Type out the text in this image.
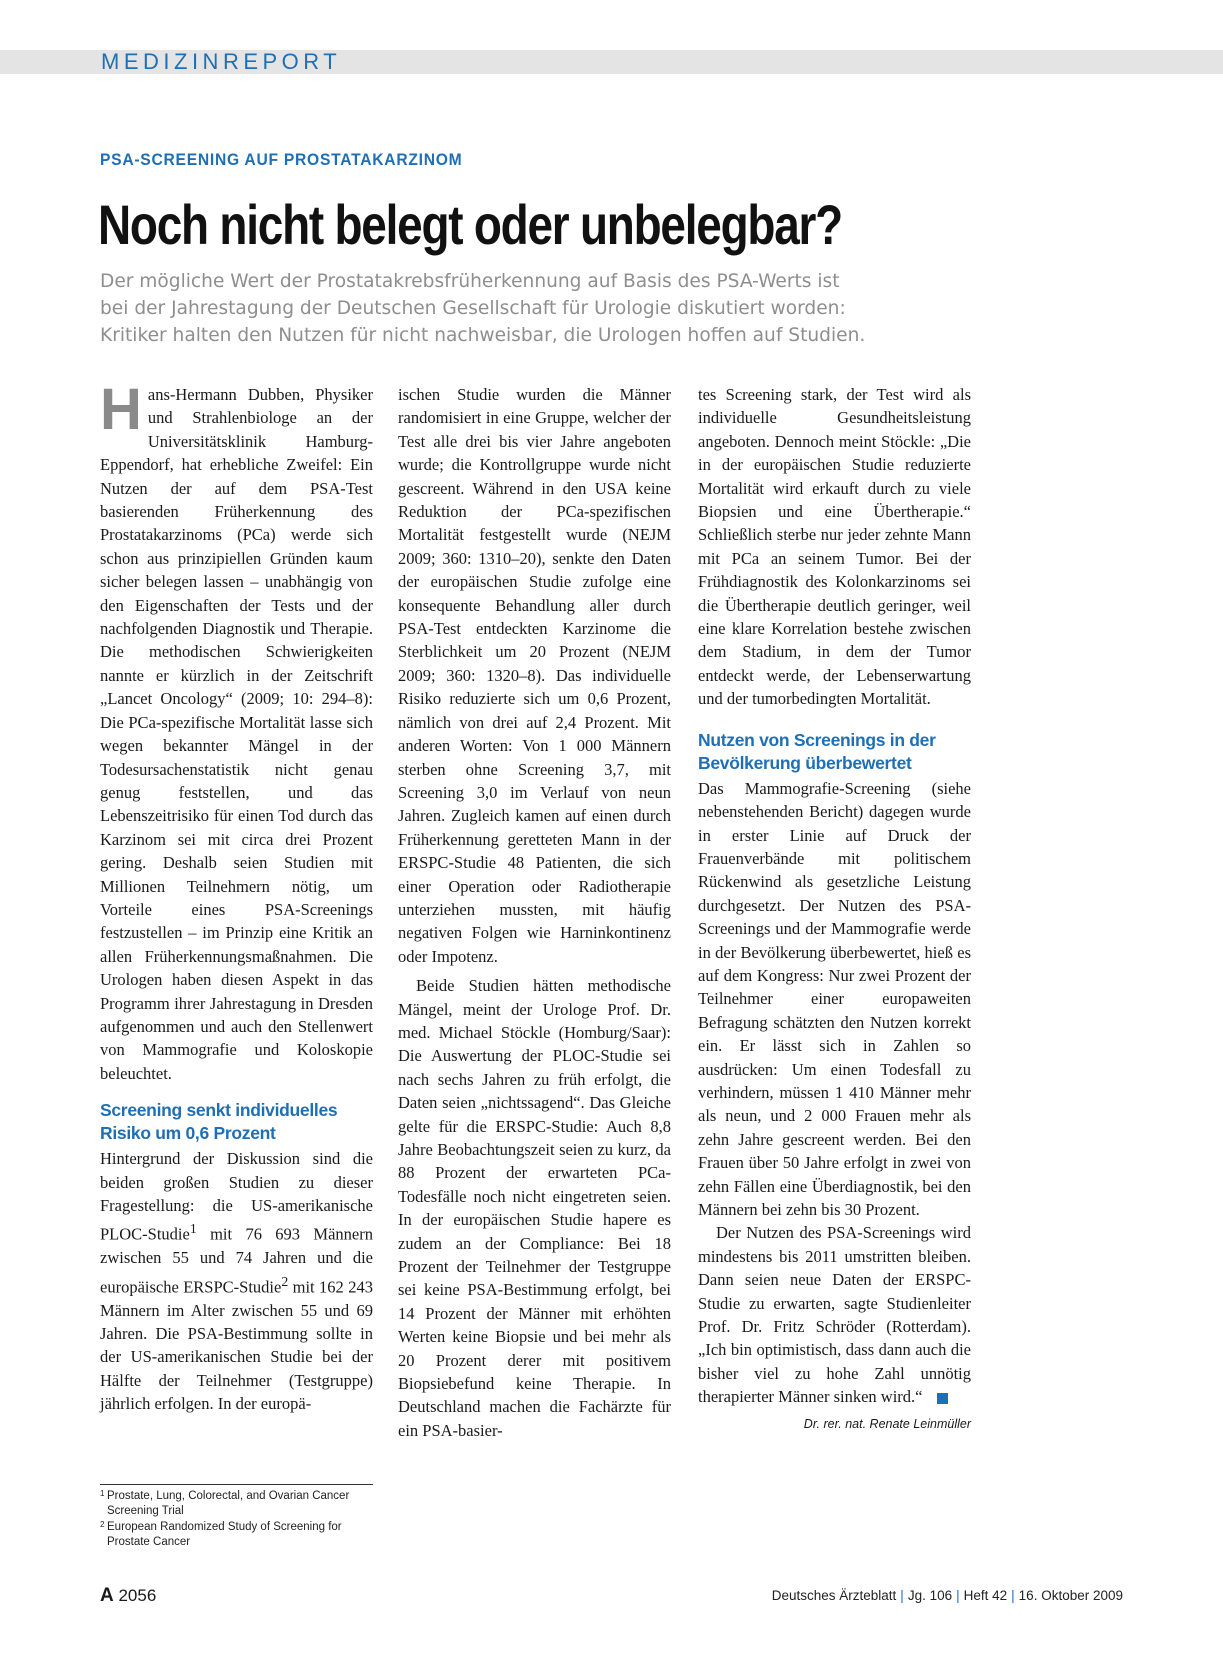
MEDIZINREPORT
PSA-SCREENING AUF PROSTATAKARZINOM
Noch nicht belegt oder unbelegbar?
Der mögliche Wert der Prostatakrebsfrüherkennung auf Basis des PSA-Werts ist
bei der Jahrestagung der Deutschen Gesellschaft für Urologie diskutiert worden:
Kritiker halten den Nutzen für nicht nachweisbar, die Urologen hoffen auf Studien.

Hans-Hermann Dubben, Physiker und Strahlenbiologe an der Universitätsklinik Hamburg-Eppendorf, hat erhebliche Zweifel: Ein Nutzen der auf dem PSA-Test basierenden Früherkennung des Prostatakarzinoms (PCa) werde sich schon aus prinzipiellen Gründen kaum sicher belegen lassen – unabhängig von den Eigenschaften der Tests und der nachfolgenden Diagnostik und Therapie. Die methodischen Schwierigkeiten nannte er kürzlich in der Zeitschrift „Lancet Oncology“ (2009; 10: 294–8): Die PCa-spezifische Mortalität lasse sich wegen bekannter Mängel in der Todesursachenstatistik nicht genau genug feststellen, und das Lebenszeitrisiko für einen Tod durch das Karzinom sei mit circa drei Prozent gering. Deshalb seien Studien mit Millionen Teilnehmern nötig, um Vorteile eines PSA-Screenings festzustellen – im Prinzip eine Kritik an allen Früherkennungsmaßnahmen. Die Urologen haben diesen Aspekt in das Programm ihrer Jahrestagung in Dresden aufgenommen und auch den Stellenwert von Mammografie und Koloskopie beleuchtet.

Screening senkt individuelles Risiko um 0,6 Prozent

Hintergrund der Diskussion sind die beiden großen Studien zu dieser Fragestellung: die US-amerikanische PLOC-Studie$^1$ mit 76 693 Männern zwischen 55 und 74 Jahren und die europäische ERSPC-Studie$^2$ mit 162 243 Männern im Alter zwischen 55 und 69 Jahren. Die PSA-Bestimmung sollte in der US-amerikanischen Studie bei der Hälfte der Teilnehmer (Testgruppe) jährlich erfolgen. In der europä-

ischen Studie wurden die Männer randomisiert in eine Gruppe, welcher der Test alle drei bis vier Jahre angeboten wurde; die Kontrollgruppe wurde nicht gescreent. Während in den USA keine Reduktion der PCa-spezifischen Mortalität festgestellt wurde (NEJM 2009; 360: 1310–20), senkte den Daten der europäischen Studie zufolge eine konsequente Behandlung aller durch PSA-Test entdeckten Karzinome die Sterblichkeit um 20 Prozent (NEJM 2009; 360: 1320–8). Das individuelle Risiko reduzierte sich um 0,6 Prozent, nämlich von drei auf 2,4 Prozent. Mit anderen Worten: Von 1 000 Männern sterben ohne Screening 3,7, mit Screening 3,0 im Verlauf von neun Jahren. Zugleich kamen auf einen durch Früherkennung geretteten Mann in der ERSPC-Studie 48 Patienten, die sich einer Operation oder Radiotherapie unterziehen mussten, mit häufig negativen Folgen wie Harninkontinenz oder Impotenz.

Beide Studien hätten methodische Mängel, meint der Urologe Prof. Dr. med. Michael Stöckle (Homburg/Saar): Die Auswertung der PLOC-Studie sei nach sechs Jahren zu früh erfolgt, die Daten seien „nichtssagend“. Das Gleiche gelte für die ERSPC-Studie: Auch 8,8 Jahre Beobachtungszeit seien zu kurz, da 88 Prozent der erwarteten PCa-Todesfälle noch nicht eingetreten seien. In der europäischen Studie hapere es zudem an der Compliance: Bei 18 Prozent der Teilnehmer der Testgruppe sei keine PSA-Bestimmung erfolgt, bei 14 Prozent der Männer mit erhöhten Werten keine Biopsie und bei mehr als 20 Prozent derer mit positivem Biopsiebefund keine Therapie. In Deutschland machen die Fachärzte für ein PSA-basier-

tes Screening stark, der Test wird als individuelle Gesundheitsleistung angeboten. Dennoch meint Stöckle: „Die in der europäischen Studie reduzierte Mortalität wird erkauft durch zu viele Biopsien und eine Übertherapie.“ Schließlich sterbe nur jeder zehnte Mann mit PCa an seinem Tumor. Bei der Frühdiagnostik des Kolonkarzinoms sei die Übertherapie deutlich geringer, weil eine klare Korrelation bestehe zwischen dem Stadium, in dem der Tumor entdeckt werde, der Lebenserwartung und der tumorbedingten Mortalität.

Nutzen von Screenings in der Bevölkerung überbewertet

Das Mammografie-Screening (siehe nebenstehenden Bericht) dagegen wurde in erster Linie auf Druck der Frauenverbände mit politischem Rückenwind als gesetzliche Leistung durchgesetzt. Der Nutzen des PSA-Screenings und der Mammografie werde in der Bevölkerung überbewertet, hieß es auf dem Kongress: Nur zwei Prozent der Teilnehmer einer europaweiten Befragung schätzten den Nutzen korrekt ein. Er lässt sich in Zahlen so ausdrücken: Um einen Todesfall zu verhindern, müssen 1 410 Männer mehr als neun, und 2 000 Frauen mehr als zehn Jahre gescreent werden. Bei den Frauen über 50 Jahre erfolgt in zwei von zehn Fällen eine Überdiagnostik, bei den Männern bei zehn bis 30 Prozent.

Der Nutzen des PSA-Screenings wird mindestens bis 2011 umstritten bleiben. Dann seien neue Daten der ERSPC-Studie zu erwarten, sagte Studienleiter Prof. Dr. Fritz Schröder (Rotterdam). „Ich bin optimistisch, dass dann auch die bisher viel zu hohe Zahl unnötig therapierter Männer sinken wird.“

Dr. rer. nat. Renate Leinmüller
1 Prostate, Lung, Colorectal, and Ovarian Cancer Screening Trial
2 European Randomized Study of Screening for Prostate Cancer
A 2056	Deutsches Ärzteblatt | Jg. 106 | Heft 42 | 16. Oktober 2009
